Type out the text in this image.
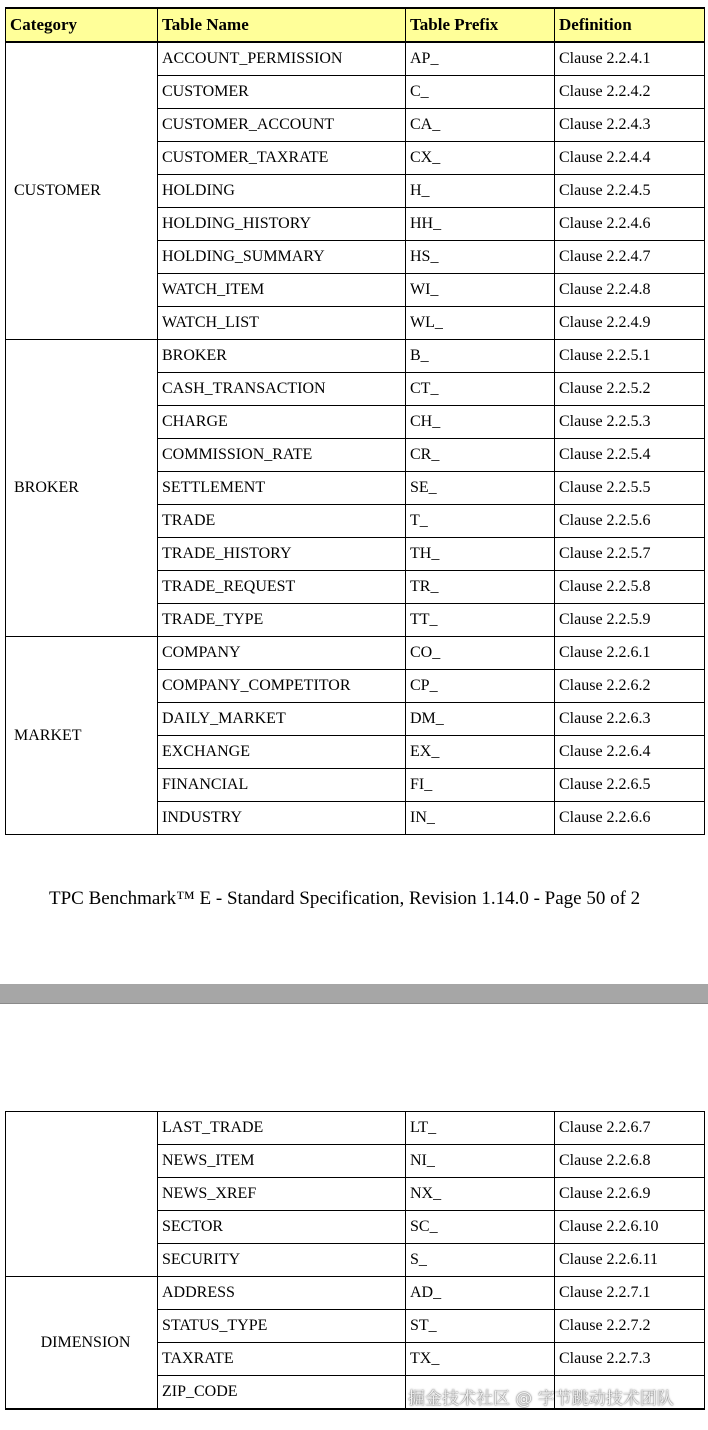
Category	Table Name	Table Prefix	Definition
CUSTOMER	ACCOUNT_PERMISSION	AP_	Clause 2.2.4.1
	CUSTOMER	C_	Clause 2.2.4.2
	CUSTOMER_ACCOUNT	CA_	Clause 2.2.4.3
	CUSTOMER_TAXRATE	CX_	Clause 2.2.4.4
	HOLDING	H_	Clause 2.2.4.5
	HOLDING_HISTORY	HH_	Clause 2.2.4.6
	HOLDING_SUMMARY	HS_	Clause 2.2.4.7
	WATCH_ITEM	WI_	Clause 2.2.4.8
	WATCH_LIST	WL_	Clause 2.2.4.9
BROKER	BROKER	B_	Clause 2.2.5.1
	CASH_TRANSACTION	CT_	Clause 2.2.5.2
	CHARGE	CH_	Clause 2.2.5.3
	COMMISSION_RATE	CR_	Clause 2.2.5.4
	SETTLEMENT	SE_	Clause 2.2.5.5
	TRADE	T_	Clause 2.2.5.6
	TRADE_HISTORY	TH_	Clause 2.2.5.7
	TRADE_REQUEST	TR_	Clause 2.2.5.8
	TRADE_TYPE	TT_	Clause 2.2.5.9
MARKET	COMPANY	CO_	Clause 2.2.6.1
	COMPANY_COMPETITOR	CP_	Clause 2.2.6.2
	DAILY_MARKET	DM_	Clause 2.2.6.3
	EXCHANGE	EX_	Clause 2.2.6.4
	FINANCIAL	FI_	Clause 2.2.6.5
	INDUSTRY	IN_	Clause 2.2.6.6
TPC Benchmark™ E - Standard Specification, Revision 1.14.0 - Page 50 of 2
	LAST_TRADE	LT_	Clause 2.2.6.7
	NEWS_ITEM	NI_	Clause 2.2.6.8
	NEWS_XREF	NX_	Clause 2.2.6.9
	SECTOR	SC_	Clause 2.2.6.10
	SECURITY	S_	Clause 2.2.6.11
DIMENSION	ADDRESS	AD_	Clause 2.2.7.1
	STATUS_TYPE	ST_	Clause 2.2.7.2
	TAXRATE	TX_	Clause 2.2.7.3
	ZIP_CODE			掘金技术社区 @ 字节跳动技术团队
